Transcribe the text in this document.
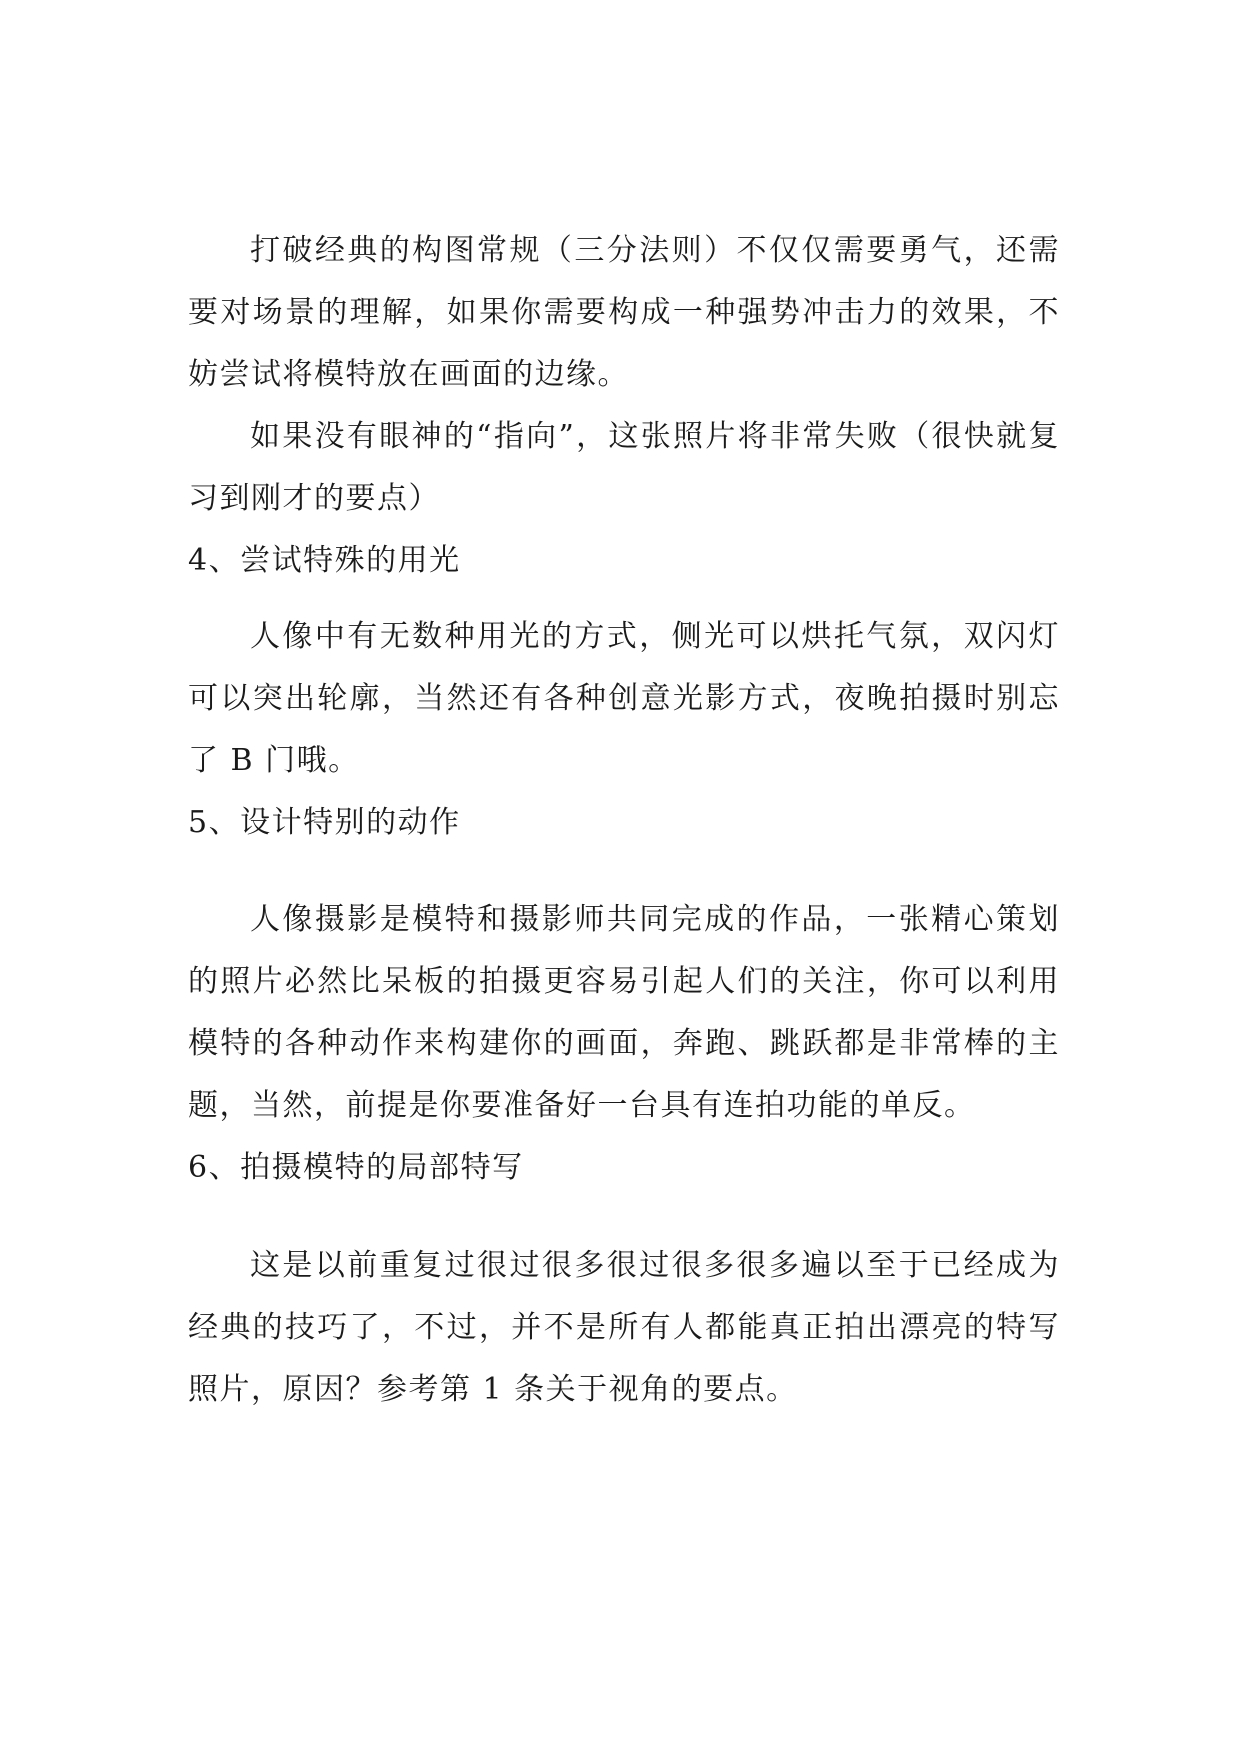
打破经典的构图常规（三分法则）不仅仅需要勇气，还需要对场景的理解，如果你需要构成一种强势冲击力的效果，不妨尝试将模特放在画面的边缘。

如果没有眼神的“指向”，这张照片将非常失败（很快就复习到刚才的要点）

4、尝试特殊的用光

人像中有无数种用光的方式，侧光可以烘托气氛，双闪灯可以突出轮廓，当然还有各种创意光影方式，夜晚拍摄时别忘了 B 门哦。

5、设计特别的动作

人像摄影是模特和摄影师共同完成的作品，一张精心策划的照片必然比呆板的拍摄更容易引起人们的关注，你可以利用模特的各种动作来构建你的画面，奔跑、跳跃都是非常棒的主题，当然，前提是你要准备好一台具有连拍功能的单反。

6、拍摄模特的局部特写

这是以前重复过很过很多很过很多很多遍以至于已经成为经典的技巧了，不过，并不是所有人都能真正拍出漂亮的特写照片，原因？参考第 1 条关于视角的要点。
